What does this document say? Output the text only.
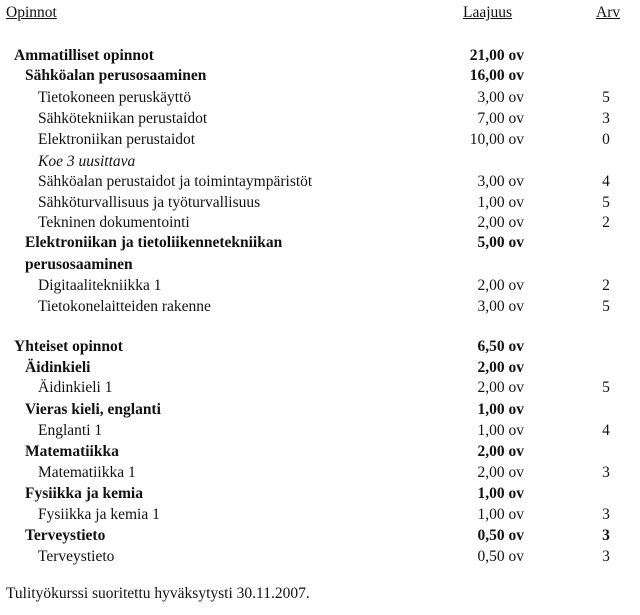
Opinnot	Laajuus	Arv
Ammatilliset opinnot	21,00 ov
Sähköalan perusosaaminen	16,00 ov
Tietokoneen peruskäyttö	3,00 ov	5
Sähkötekniikan perustaidot	7,00 ov	3
Elektroniikan perustaidot	10,00 ov	0
Koe 3 uusittava
Sähköalan perustaidot ja toimintaympäristöt	3,00 ov	4
Sähköturvallisuus ja työturvallisuus	1,00 ov	5
Tekninen dokumentointi	2,00 ov	2
Elektroniikan ja tietoliikennetekniikan	5,00 ov
perusosaaminen
Digitaalitekniikka 1	2,00 ov	2
Tietokonelaitteiden rakenne	3,00 ov	5
Yhteiset opinnot	6,50 ov
Äidinkieli	2,00 ov
Äidinkieli 1	2,00 ov	5
Vieras kieli, englanti	1,00 ov
Englanti 1	1,00 ov	4
Matematiikka	2,00 ov
Matematiikka 1	2,00 ov	3
Fysiikka ja kemia	1,00 ov
Fysiikka ja kemia 1	1,00 ov	3
Terveystieto	0,50 ov	3
Terveystieto	0,50 ov	3
Tulityökurssi suoritettu hyväksytysti 30.11.2007.
